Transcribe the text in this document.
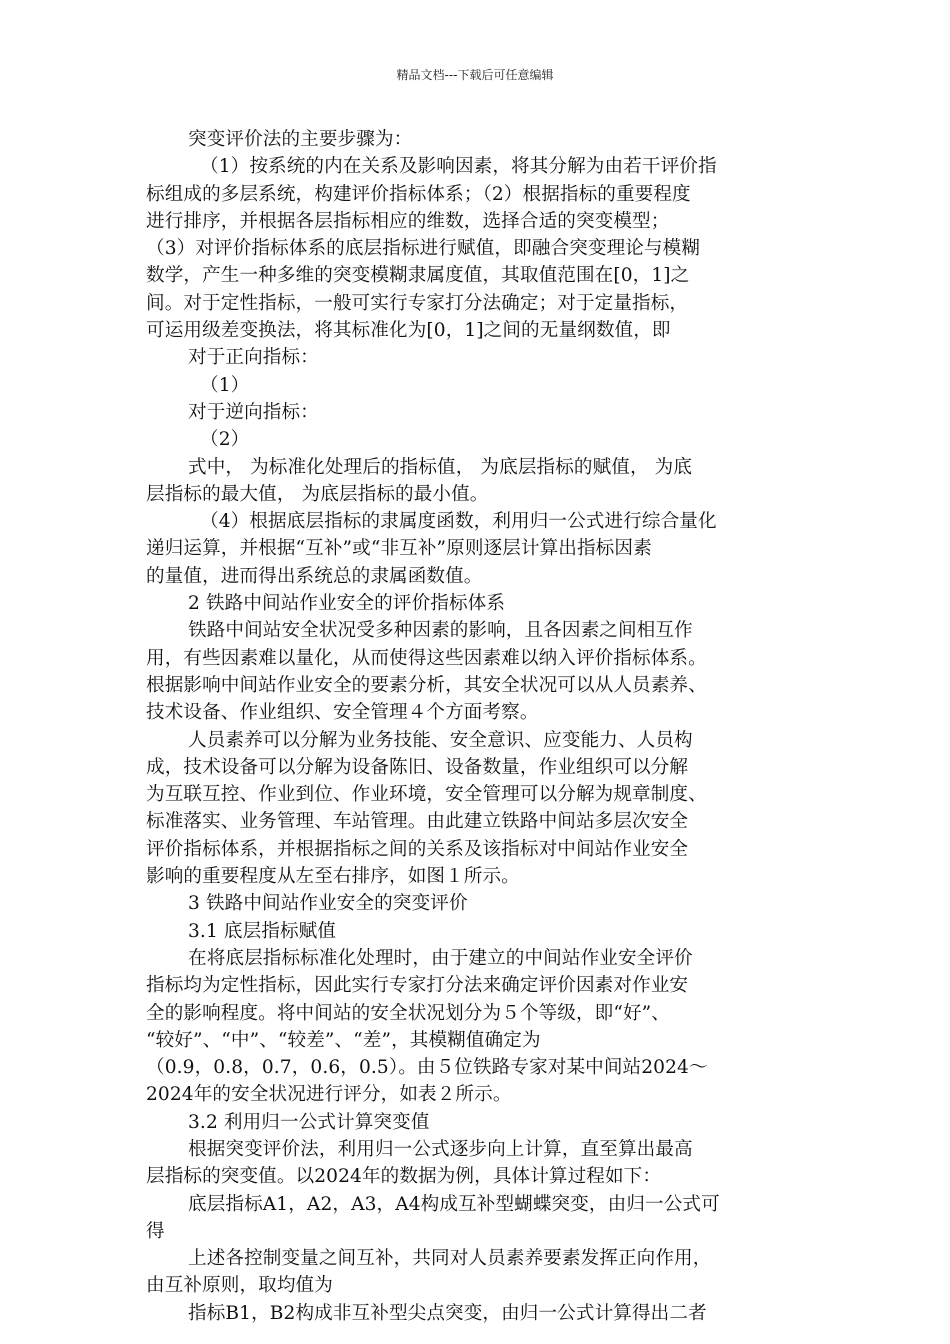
精品文档---下载后可任意编辑
突变评价法的主要步骤为：
（1）按系统的内在关系及影响因素，将其分解为由若干评价指
标组成的多层系统，构建评价指标体系；（2）根据指标的重要程度
进行排序，并根据各层指标相应的维数，选择合适的突变模型；
（3）对评价指标体系的底层指标进行赋值，即融合突变理论与模糊
数学，产生一种多维的突变模糊隶属度值，其取值范围在[0，1]之
间。对于定性指标，一般可实行专家打分法确定；对于定量指标，
可运用级差变换法，将其标准化为[0，1]之间的无量纲数值，即
对于正向指标：
（1）
对于逆向指标：
（2）
式中， 为标准化处理后的指标值， 为底层指标的赋值， 为底
层指标的最大值， 为底层指标的最小值。
（4）根据底层指标的隶属度函数，利用归一公式进行综合量化
递归运算，并根据“互补”或“非互补”原则逐层计算出指标因素
的量值，进而得出系统总的隶属函数值。
2 铁路中间站作业安全的评价指标体系
铁路中间站安全状况受多种因素的影响，且各因素之间相互作
用，有些因素难以量化，从而使得这些因素难以纳入评价指标体系。
根据影响中间站作业安全的要素分析，其安全状况可以从人员素养、
技术设备、作业组织、安全管理４个方面考察。
人员素养可以分解为业务技能、安全意识、应变能力、人员构
成，技术设备可以分解为设备陈旧、设备数量，作业组织可以分解
为互联互控、作业到位、作业环境，安全管理可以分解为规章制度、
标准落实、业务管理、车站管理。由此建立铁路中间站多层次安全
评价指标体系，并根据指标之间的关系及该指标对中间站作业安全
影响的重要程度从左至右排序，如图１所示。
3 铁路中间站作业安全的突变评价
3.1 底层指标赋值
在将底层指标标准化处理时，由于建立的中间站作业安全评价
指标均为定性指标，因此实行专家打分法来确定评价因素对作业安
全的影响程度。将中间站的安全状况划分为５个等级，即“好”、
“较好”、“中”、“较差”、“差”，其模糊值确定为
（0.9，0.8，0.7，0.6，0.5）。由５位铁路专家对某中间站2024～
2024年的安全状况进行评分，如表２所示。
3.2 利用归一公式计算突变值
根据突变评价法，利用归一公式逐步向上计算，直至算出最高
层指标的突变值。以2024年的数据为例，具体计算过程如下：
底层指标A1，A2，A3，A4构成互补型蝴蝶突变，由归一公式可
得
上述各控制变量之间互补，共同对人员素养要素发挥正向作用，
由互补原则，取均值为
指标B1，B2构成非互补型尖点突变，由归一公式计算得出二者
